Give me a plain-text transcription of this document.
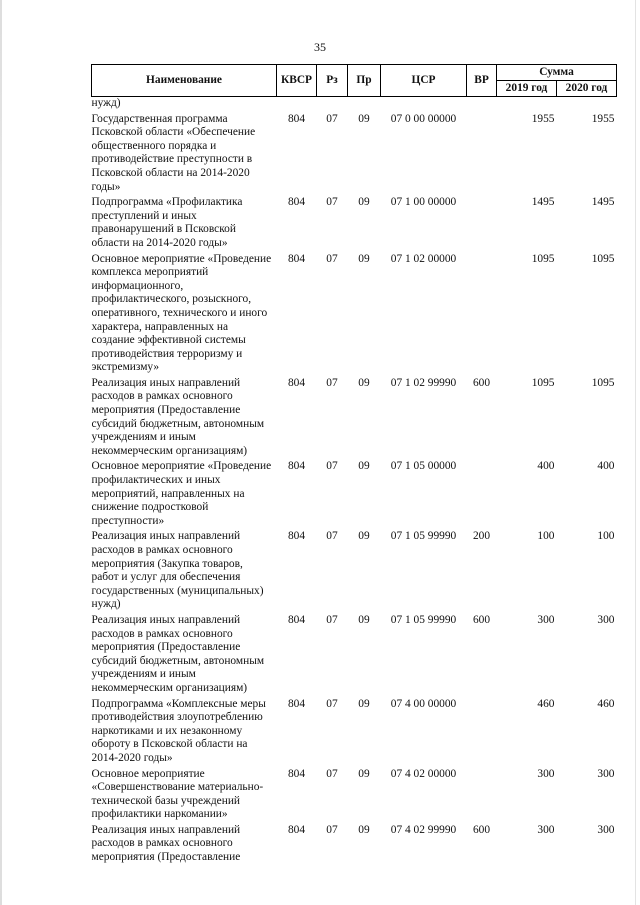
35
Наименование	КВСР	Рз	Пр	ЦСР	ВР	Сумма	
						2019 год	2020 год
нужд)							
Государственная программа Псковской области «Обеспечение общественного порядка и противодействие преступности в Псковской области на 2014-2020 годы»	804	07	09	07 0 00 00000		1955	1955
Подпрограмма «Профилактика преступлений и иных правонарушений в Псковской области на 2014-2020 годы»	804	07	09	07 1 00 00000		1495	1495
Основное мероприятие «Проведение комплекса мероприятий информационного, профилактического, розыскного, оперативного, технического и иного характера, направленных на создание эффективной системы противодействия терроризму и экстремизму»	804	07	09	07 1 02 00000		1095	1095
Реализация иных направлений расходов в рамках основного мероприятия (Предоставление субсидий бюджетным, автономным учреждениям и иным некоммерческим организациям)	804	07	09	07 1 02 99990	600	1095	1095
Основное мероприятие «Проведение профилактических и иных мероприятий, направленных на снижение подростковой преступности»	804	07	09	07 1 05 00000		400	400
Реализация иных направлений расходов в рамках основного мероприятия (Закупка товаров, работ и услуг для обеспечения государственных (муниципальных) нужд)	804	07	09	07 1 05 99990	200	100	100
Реализация иных направлений расходов в рамках основного мероприятия (Предоставление субсидий бюджетным, автономным учреждениям и иным некоммерческим организациям)	804	07	09	07 1 05 99990	600	300	300
Подпрограмма «Комплексные меры противодействия злоупотреблению наркотиками и их незаконному обороту в Псковской области на 2014-2020 годы»	804	07	09	07 4 00 00000		460	460
Основное мероприятие «Совершенствование материально-технической базы учреждений профилактики наркомании»	804	07	09	07 4 02 00000		300	300
Реализация иных направлений расходов в рамках основного мероприятия (Предоставление	804	07	09	07 4 02 99990	600	300	300
